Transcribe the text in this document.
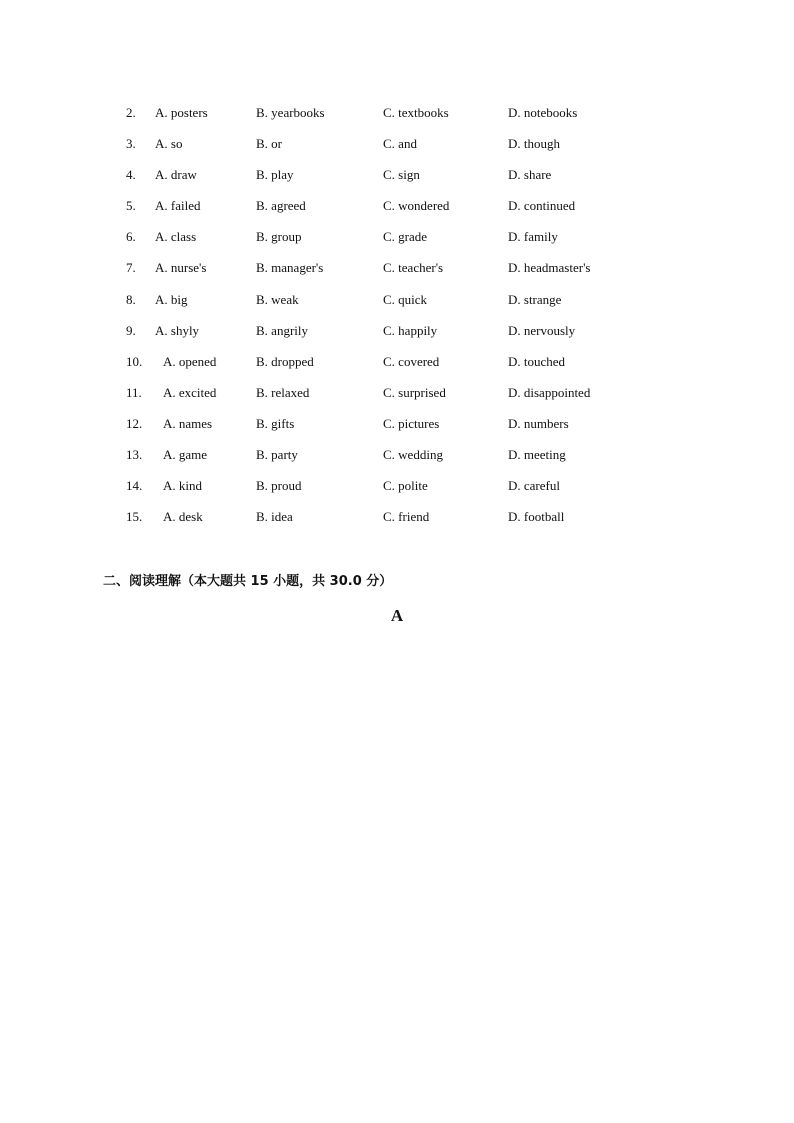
2. A. posters	B. yearbooks	C. textbooks	D. notebooks
3. A. so	B. or	C. and	D. though
4. A. draw	B. play	C. sign	D. share
5. A. failed	B. agreed	C. wondered	D. continued
6. A. class	B. group	C. grade	D. family
7. A. nurse's	B. manager's	C. teacher's	D. headmaster's
8. A. big	B. weak	C. quick	D. strange
9. A. shyly	B. angrily	C. happily	D. nervously
10. A. opened	B. dropped	C. covered	D. touched
11. A. excited	B. relaxed	C. surprised	D. disappointed
12. A. names	B. gifts	C. pictures	D. numbers
13. A. game	B. party	C. wedding	D. meeting
14. A. kind	B. proud	C. polite	D. careful
15. A. desk	B. idea	C. friend	D. football
二、阅读理解（本大题共 15 小题，共 30.0 分）
A
